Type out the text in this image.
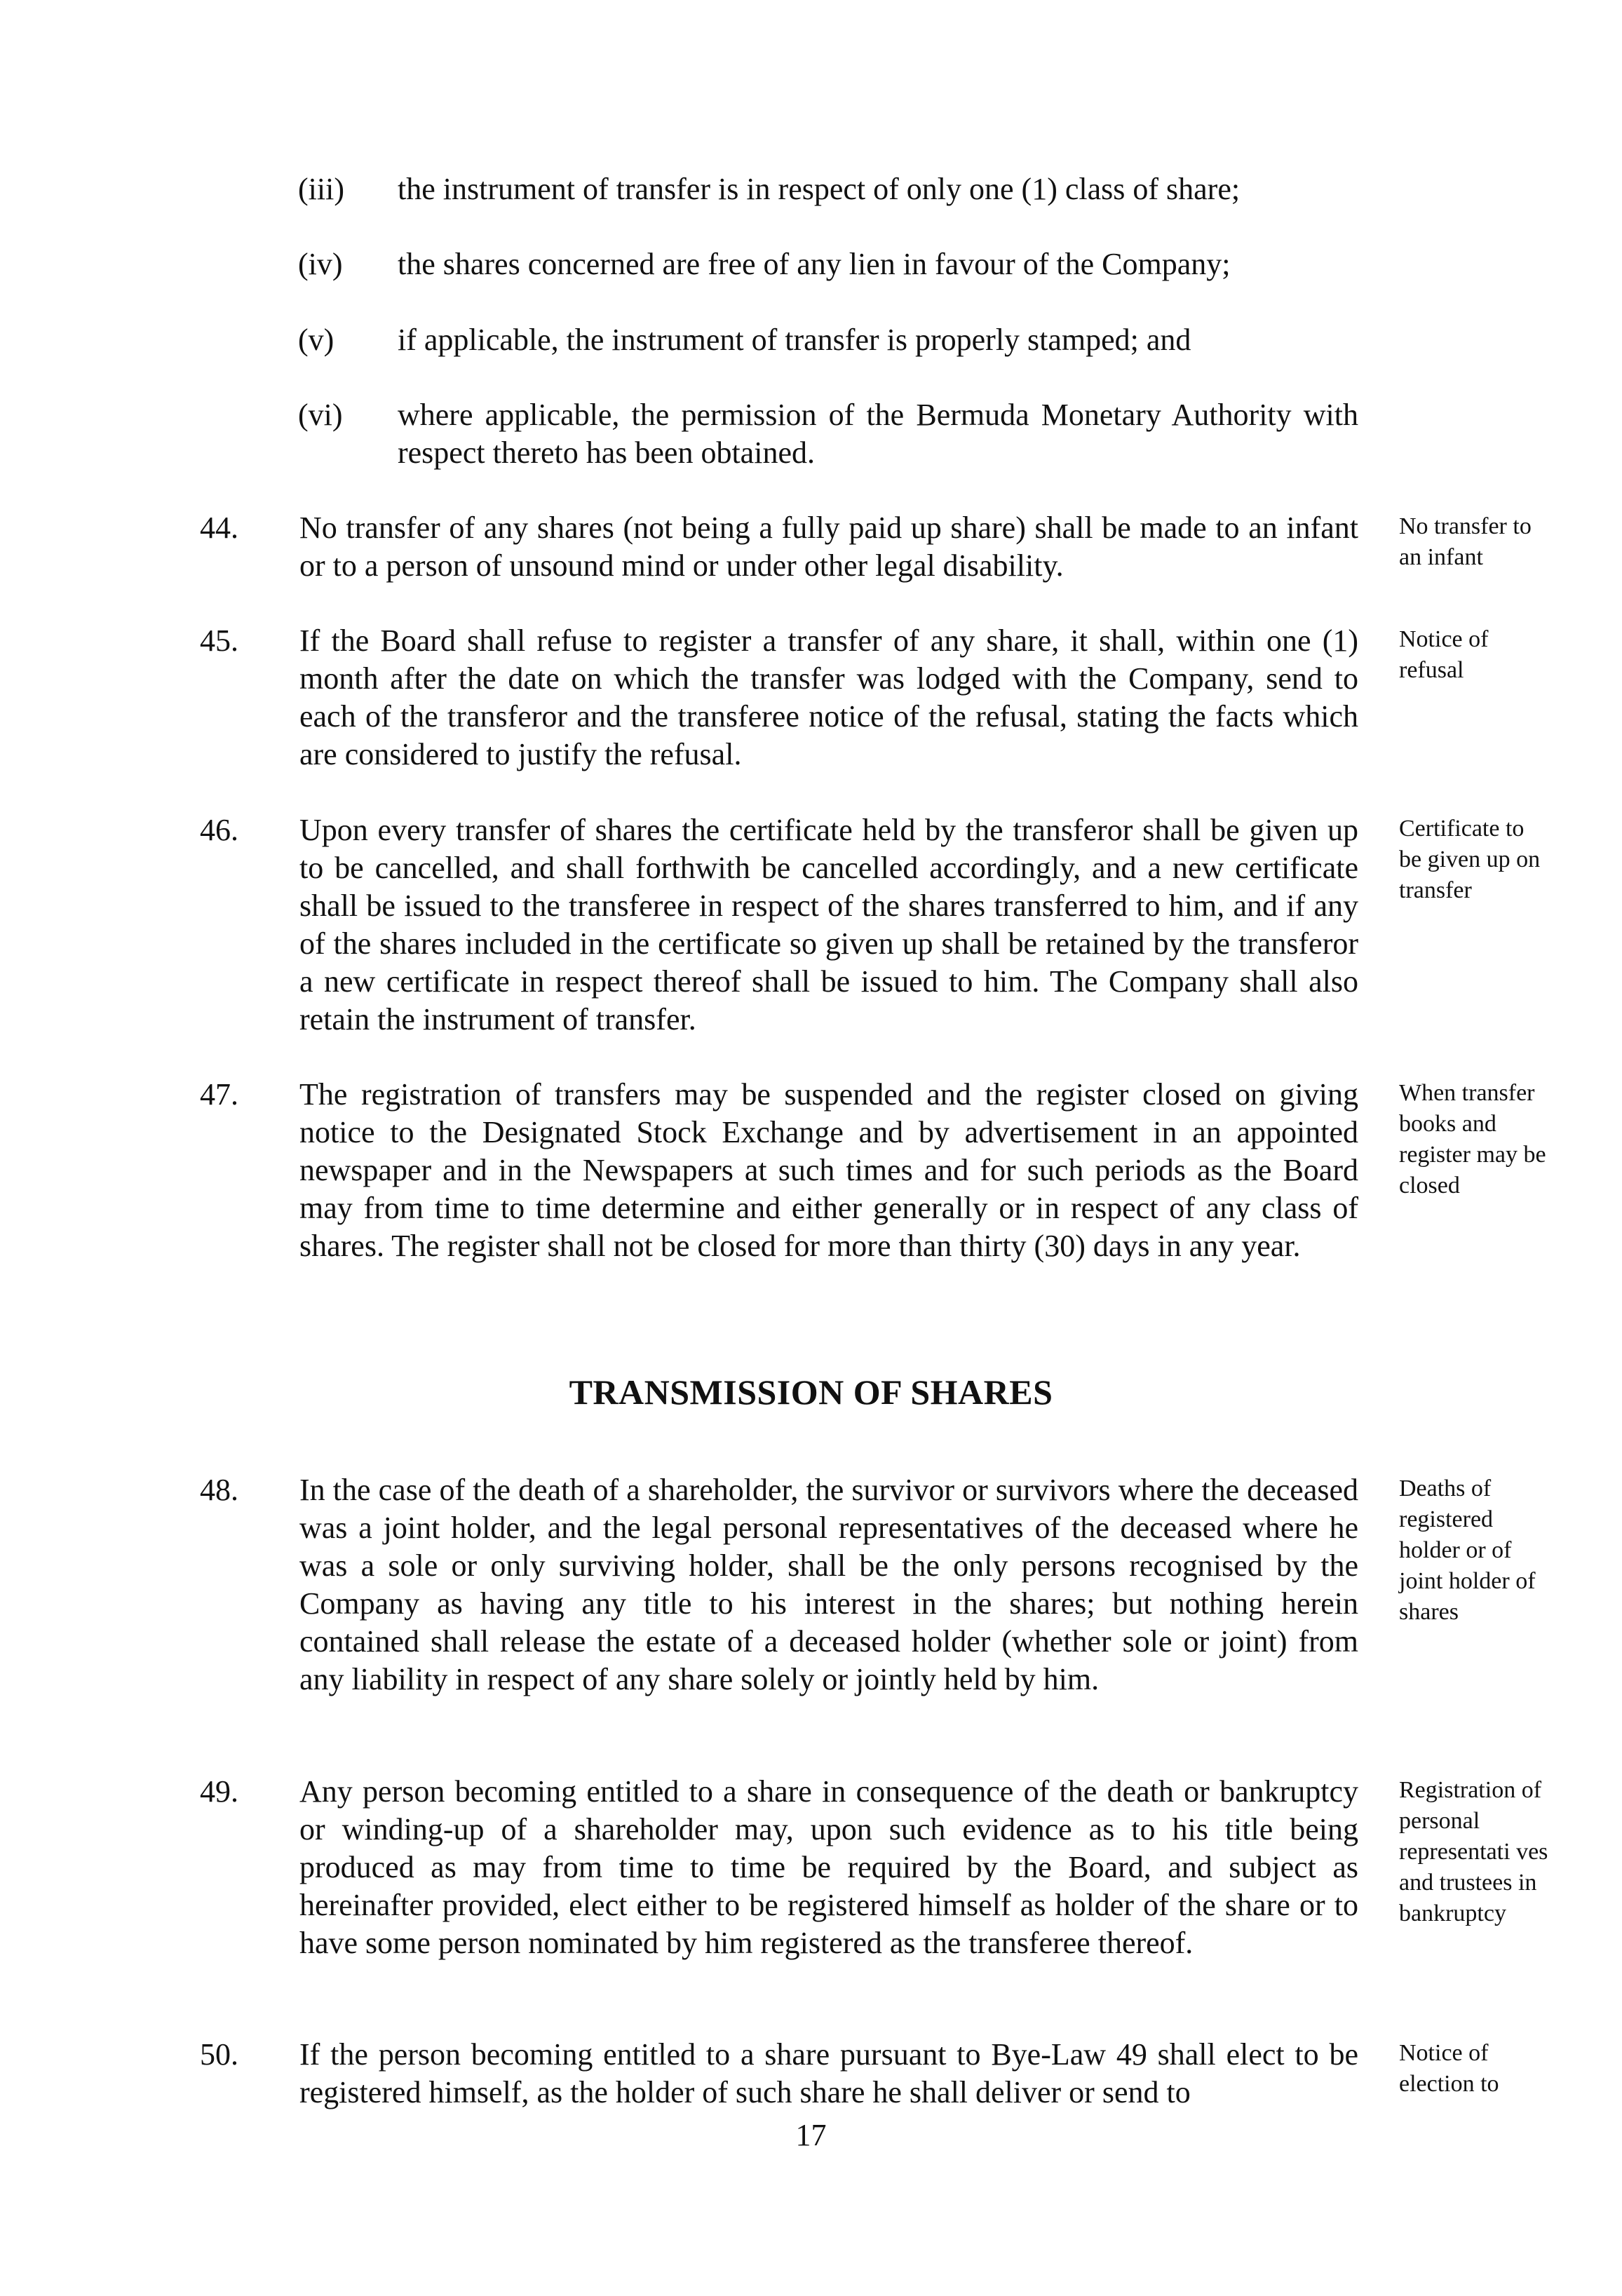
(iii) the instrument of transfer is in respect of only one (1) class of share;
(iv) the shares concerned are free of any lien in favour of the Company;
(v) if applicable, the instrument of transfer is properly stamped; and
(vi) where applicable, the permission of the Bermuda Monetary Authority with respect thereto has been obtained.
44. No transfer of any shares (not being a fully paid up share) shall be made to an infant or to a person of unsound mind or under other legal disability.
No transfer to an infant
45. If the Board shall refuse to register a transfer of any share, it shall, within one (1) month after the date on which the transfer was lodged with the Company, send to each of the transferor and the transferee notice of the refusal, stating the facts which are considered to justify the refusal.
Notice of refusal
46. Upon every transfer of shares the certificate held by the transferor shall be given up to be cancelled, and shall forthwith be cancelled accordingly, and a new certificate shall be issued to the transferee in respect of the shares transferred to him, and if any of the shares included in the certificate so given up shall be retained by the transferor a new certificate in respect thereof shall be issued to him. The Company shall also retain the instrument of transfer.
Certificate to be given up on transfer
47. The registration of transfers may be suspended and the register closed on giving notice to the Designated Stock Exchange and by advertisement in an appointed newspaper and in the Newspapers at such times and for such periods as the Board may from time to time determine and either generally or in respect of any class of shares. The register shall not be closed for more than thirty (30) days in any year.
When transfer books and register may be closed
TRANSMISSION OF SHARES
48. In the case of the death of a shareholder, the survivor or survivors where the deceased was a joint holder, and the legal personal representatives of the deceased where he was a sole or only surviving holder, shall be the only persons recognised by the Company as having any title to his interest in the shares; but nothing herein contained shall release the estate of a deceased holder (whether sole or joint) from any liability in respect of any share solely or jointly held by him.
Deaths of registered holder or of joint holder of shares
49. Any person becoming entitled to a share in consequence of the death or bankruptcy or winding-up of a shareholder may, upon such evidence as to his title being produced as may from time to time be required by the Board, and subject as hereinafter provided, elect either to be registered himself as holder of the share or to have some person nominated by him registered as the transferee thereof.
Registration of personal representati ves and trustees in bankruptcy
50. If the person becoming entitled to a share pursuant to Bye-Law 49 shall elect to be registered himself, as the holder of such share he shall deliver or send to
Notice of election to
17
